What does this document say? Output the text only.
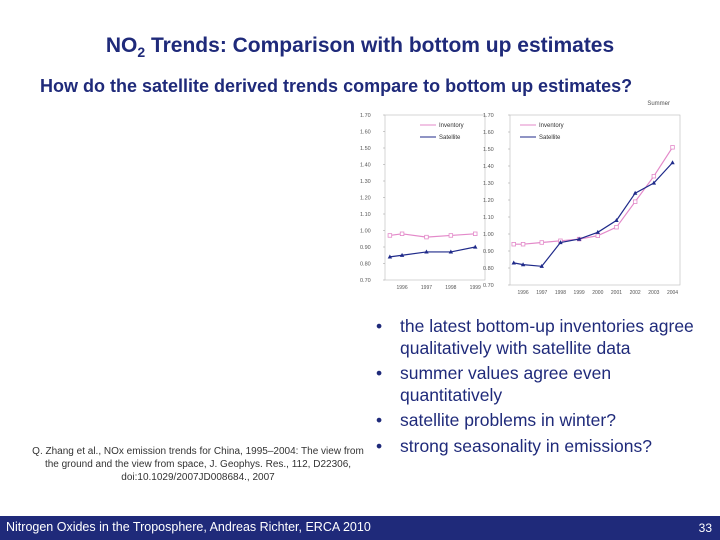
$NO_2$ Trends: Comparison with bottom up estimates
How do the satellite derived trends compare to bottom up estimates?
1.70
1.60
1.50
1.40
1.30
1.20
1.10
1.00
0.90
0.80
0.70
1996	1997	1998	1999
Inventory
Satellite
1.70
1.60
1.50
1.40
1.30
1.20
1.10
1.00
0.90
0.80
0.70
1996 1997 1998 1999 2000 2001 2002 2003 2004
Summer
Inventory
Satellite
• the latest bottom-up inventories agree qualitatively with satellite data
• summer values agree even quantitatively
• satellite problems in winter?
• strong seasonality in emissions?
Q. Zhang et al., NOx emission trends for China, 1995–2004: The view from the ground and the view from space, J. Geophys. Res., 112, D22306, doi:10.1029/2007JD008684., 2007
Nitrogen Oxides in the Troposphere, Andreas Richter, ERCA 2010	33
